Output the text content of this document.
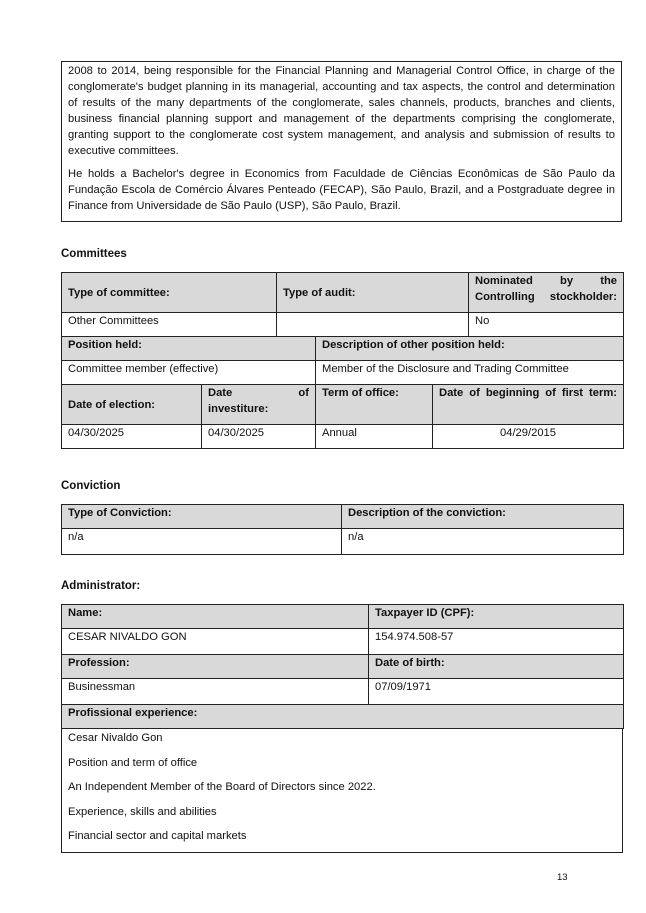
2008 to 2014, being responsible for the Financial Planning and Managerial Control Office, in charge of the conglomerate's budget planning in its managerial, accounting and tax aspects, the control and determination of results of the many departments of the conglomerate, sales channels, products, branches and clients, business financial planning support and management of the departments comprising the conglomerate, granting support to the conglomerate cost system management, and analysis and submission of results to executive committees.

He holds a Bachelor's degree in Economics from Faculdade de Ciências Econômicas de São Paulo da Fundação Escola de Comércio Álvares Penteado (FECAP), São Paulo, Brazil, and a Postgraduate degree in Finance from Universidade de São Paulo (USP), São Paulo, Brazil.

Committees
Type of committee:		Type of audit:			Nominated by the Controlling stockholder:
Other Committees					No
Position held:			Description of other position held:		
Committee member (effective)			Member of the Disclosure and Trading Committee		
Date of election:	Date of investiture:		Term of office:	Date of beginning of first term:	
04/30/2025	04/30/2025		Annual	04/29/2015	
Conviction
Type of Conviction:	Description of the conviction:
n/a	n/a
Administrator:
Name:	Taxpayer ID (CPF):
CESAR NIVALDO GON	154.974.508-57
Profession:	Date of birth:
Businessman	07/09/1971
Profissional experience:	
Cesar Nivaldo Gon
Position and term of office
An Independent Member of the Board of Directors since 2022.
Experience, skills and abilities
Financial sector and capital markets
13
